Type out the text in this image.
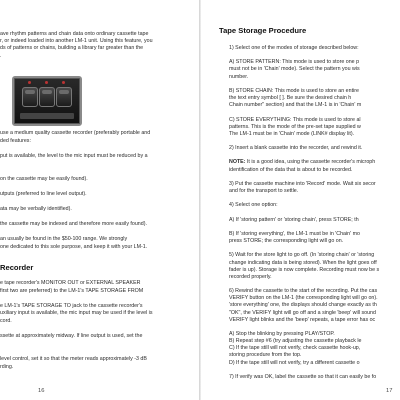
ave rhythm patterns and chain data onto ordinary cassette tape
r, or indeed loaded into another LM-1 unit. Using this feature, you
ds of patterns or chains, building a library far greater than the
.
use a medium quality cassette recorder (preferably portable and
ded features:
put is available, the level to the mic input must be reduced by a
on the cassette may be easily found).
utputs (preferred to line level output).
ata may be verbally identified).
the cassette may be indexed and therefore more easily found).
an usually be found in the $50-100 range. We strongly
one dedicated to this sole purpose, and keep it with your LM-1.
Recorder
e tape recorder's MONITOR OUT or EXTERNAL SPEAKER
first two are preferred) to the LM-1's TAPE STORAGE FROM
e LM-1's TAPE STORAGE TO jack to the cassette recorder's
uxiliary input is available, the mic input may be used if the level is
cord.
ssette at approximately midway. If line output is used, set the
level control, set it so that the meter reads approximately -3 dB
rding.
16
Tape Storage Procedure
1) Select one of the modes of storage described below:
A) STORE PATTERN: This mode is used to store one p
must not be in 'Chain' mode). Select the pattern you wis
number.
B) STORE CHAIN: This mode is used to store an entire
the text entry symbol [ ]. Be sure the desired chain h
Chain number" section) and that the LM-1 is in 'Chain' m
C) STORE EVERYTHING: This mode is used to store al
patterns. This is the mode of the pre-set tape supplied w
The LM-1 must be in 'Chain' mode (LINK# display lit).
2) Insert a blank cassette into the recorder, and rewind it.
NOTE: It is a good idea, using the cassette recorder's microph
identification of the data that is about to be recorded.
3) Put the cassette machine into 'Record' mode. Wait six secor
and for the transport to settle.
4) Select one option:
A) If 'storing pattern' or 'storing chain', press STORE; th
B) If 'storing everything', the LM-1 must be in 'Chain' mo
press STORE; the corresponding light will go on.
5) Wait for the store light to go off. (In 'storing chain' or 'storing
change indicating data is being stored). When the light goes off
fader is up). Storage is now complete. Recording must now be s
recorded properly.
6) Rewind the cassette to the start of the recording. Put the cas
VERIFY button on the LM-1 (the corresponding light will go on).
'store everything' one, the displays should change exactly as th
"OK", the VERIFY light will go off and a single 'beep' will sound
VERIFY light blinks and the 'beep' repeats, a tape error has oc
A) Stop the blinking by pressing PLAY/STOP.
B) Repeat step #6 (try adjusting the cassette playback le
C) If the tape still will not verify, check cassette hook-up,
storing procedure from the top.
D) If the tape still will not verify, try a different cassette o
7) If verify was OK, label the cassette so that it can easily be fo
17
